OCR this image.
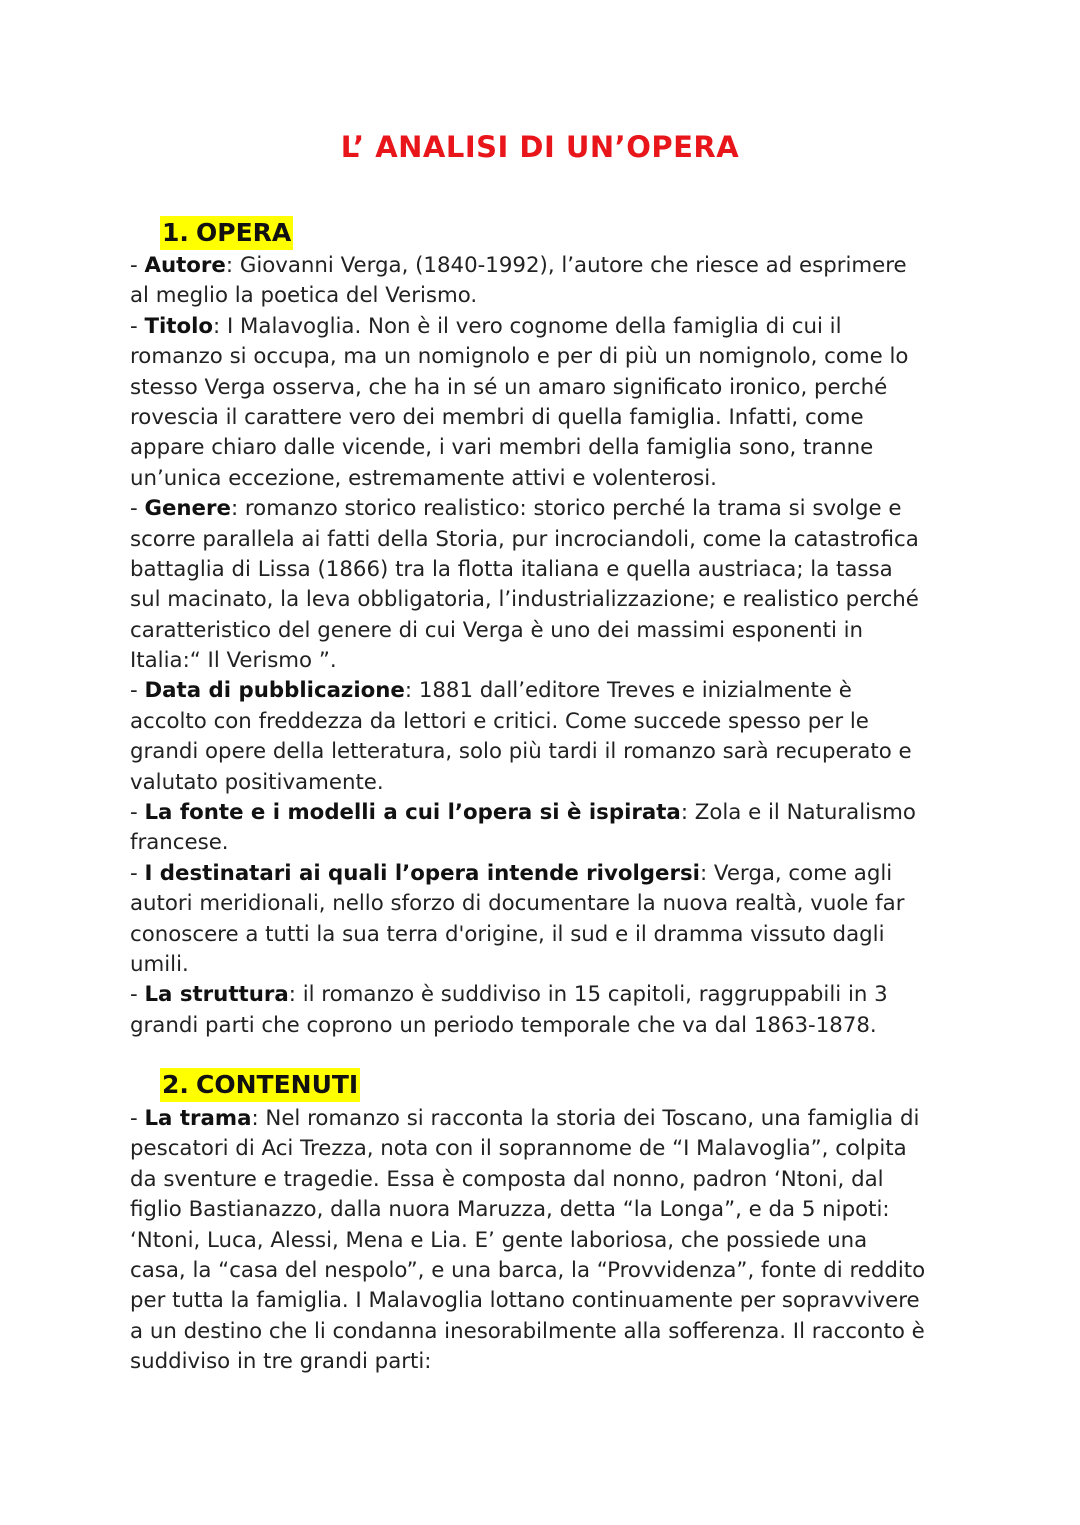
L’ ANALISI DI UN’OPERA
1. OPERA
- Autore: Giovanni Verga, (1840-1992), l’autore che riesce ad esprimere
al meglio la poetica del Verismo.
- Titolo: I Malavoglia. Non è il vero cognome della famiglia di cui il
romanzo si occupa, ma un nomignolo e per di più un nomignolo, come lo
stesso Verga osserva, che ha in sé un amaro significato ironico, perché
rovescia il carattere vero dei membri di quella famiglia. Infatti, come
appare chiaro dalle vicende, i vari membri della famiglia sono, tranne
un’unica eccezione, estremamente attivi e volenterosi.
- Genere: romanzo storico realistico: storico perché la trama si svolge e
scorre parallela ai fatti della Storia, pur incrociandoli, come la catastrofica
battaglia di Lissa (1866) tra la flotta italiana e quella austriaca; la tassa
sul macinato, la leva obbligatoria, l’industrializzazione; e realistico perché
caratteristico del genere di cui Verga è uno dei massimi esponenti in
Italia:“ Il Verismo ”.
- Data di pubblicazione: 1881 dall’editore Treves e inizialmente è
accolto con freddezza da lettori e critici. Come succede spesso per le
grandi opere della letteratura, solo più tardi il romanzo sarà recuperato e
valutato positivamente.
- La fonte e i modelli a cui l’opera si è ispirata: Zola e il Naturalismo
francese.
- I destinatari ai quali l’opera intende rivolgersi: Verga, come agli
autori meridionali, nello sforzo di documentare la nuova realtà, vuole far
conoscere a tutti la sua terra d'origine, il sud e il dramma vissuto dagli
umili.
- La struttura: il romanzo è suddiviso in 15 capitoli, raggruppabili in 3
grandi parti che coprono un periodo temporale che va dal 1863-1878.
2. CONTENUTI
- La trama: Nel romanzo si racconta la storia dei Toscano, una famiglia di
pescatori di Aci Trezza, nota con il soprannome de “I Malavoglia”, colpita
da sventure e tragedie. Essa è composta dal nonno, padron ‘Ntoni, dal
figlio Bastianazzo, dalla nuora Maruzza, detta “la Longa”, e da 5 nipoti:
‘Ntoni, Luca, Alessi, Mena e Lia. E’ gente laboriosa, che possiede una
casa, la “casa del nespolo”, e una barca, la “Provvidenza”, fonte di reddito
per tutta la famiglia. I Malavoglia lottano continuamente per sopravvivere
a un destino che li condanna inesorabilmente alla sofferenza. Il racconto è
suddiviso in tre grandi parti:
